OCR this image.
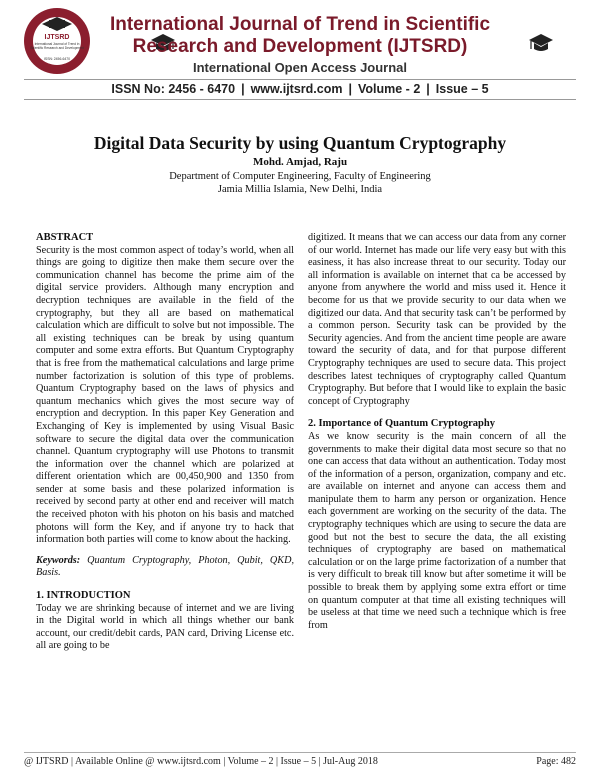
IJTSRD
International Journal of Trend in Scientific Research and Development
ISSN: 2456-6470
International Journal of Trend in Scientific
Research and Development (IJTSRD)
International Open Access Journal
ISSN No: 2456 - 6470 | www.ijtsrd.com | Volume - 2 | Issue – 5
Digital Data Security by using Quantum Cryptography
Mohd. Amjad, Raju
Department of Computer Engineering, Faculty of Engineering
Jamia Millia Islamia, New Delhi, India

ABSTRACT

Security is the most common aspect of today’s world, when all things are going to digitize then make them secure over the communication channel has become the prime aim of the digital service providers. Although many encryption and decryption techniques are available in the field of the cryptography, but they all are based on mathematical calculation which are difficult to solve but not impossible. The all existing techniques can be break by using quantum computer and some extra efforts. But Quantum Cryptography that is free from the mathematical calculations and large prime number factorization is solution of this type of problems. Quantum Cryptography based on the laws of physics and quantum mechanics which gives the most secure way of encryption and decryption. In this paper Key Generation and Exchanging of Key is implemented by using Visual Basic software to secure the digital data over the communication channel. Quantum cryptography will use Photons to transmit the information over the channel which are polarized at different orientation which are 00,450,900 and 1350 from sender at some basis and these polarized information is received by second party at other end and receiver will match the received photon with his photon on his basis and matched photons will form the Key, and if anyone try to hack that information both parties will come to know about the hacking.

Keywords: Quantum Cryptography, Photon, Qubit, QKD, Basis.

1. INTRODUCTION

Today we are shrinking because of internet and we are living in the Digital world in which all things whether our bank account, our credit/debit cards, PAN card, Driving License etc. all are going to be

digitized. It means that we can access our data from any corner of our world. Internet has made our life very easy but with this easiness, it has also increase threat to our security. Today our all information is available on internet that ca be accessed by anyone from anywhere the world and miss used it. Hence it become for us that we provide security to our data when we digitized our data. And that security task can’t be performed by a common person. Security task can be provided by the Security agencies. And from the ancient time people are aware toward the security of data, and for that purpose different Cryptography techniques are used to secure data. This project describes latest techniques of cryptography called Quantum Cryptography. But before that I would like to explain the basic concept of Cryptography

2. Importance of Quantum Cryptography

As we know security is the main concern of all the governments to make their digital data most secure so that no one can access that data without an authentication. Today most of the information of a person, organization, company and etc. are available on internet and anyone can access them and manipulate them to harm any person or organization. Hence each government are working on the security of the data. The cryptography techniques which are using to secure the data are good but not the best to secure the data, the all existing techniques of cryptography are based on mathematical calculation or on the large prime factorization of a number that is very difficult to break till know but after sometime it will be possible to break them by applying some extra effort or time on quantum computer at that time all existing techniques will be useless at that time we need such a technique which is free from

@ IJTSRD | Available Online @ www.ijtsrd.com | Volume – 2 | Issue – 5 | Jul-Aug 2018	Page: 482
